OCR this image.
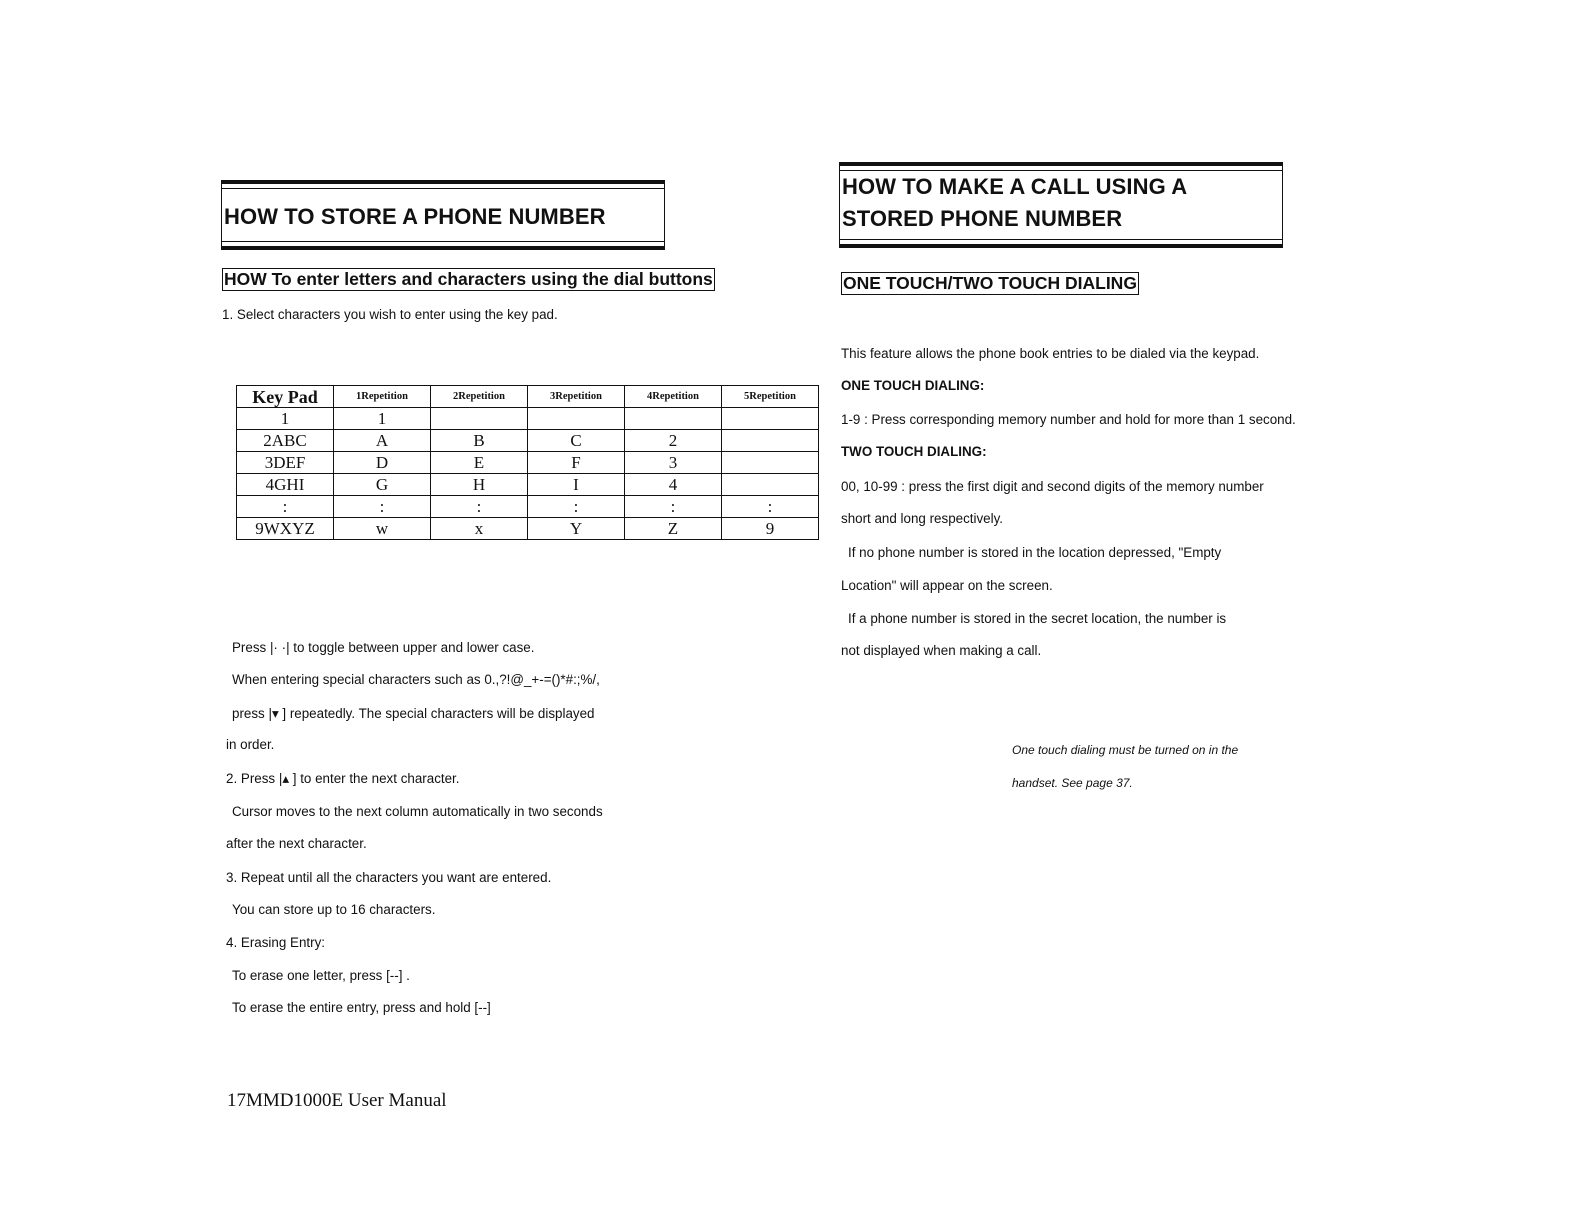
HOW TO STORE A PHONE NUMBER
HOW To enter letters and characters using the dial buttons
1. Select characters you wish to enter using the key pad.
Key Pad	1Repetition	2Repetition	3Repetition	4Repetition	5Repetition
1	1				
2ABC	A	B	C	2	
3DEF	D	E	F	3	
4GHI	G	H	I	4	
:	:	:	:	:	:
9WXYZ	w	x	Y	Z	9
Press |· ·| to toggle between upper and lower case.
When entering special characters such as 0.,?!@_+-=()*#:;%/,
press |▾ ] repeatedly. The special characters will be displayed
in order.
2. Press |▴ ] to enter the next character.
Cursor moves to the next column automatically in two seconds
after the next character.
3. Repeat until all the characters you want are entered.
You can store up to 16 characters.
4. Erasing Entry:
To erase one letter, press [--] .
To erase the entire entry, press and hold [--]
17MMD1000E User Manual
HOW TO MAKE A CALL USING A
STORED PHONE NUMBER
ONE TOUCH/TWO TOUCH DIALING
This feature allows the phone book entries to be dialed via the keypad.
ONE TOUCH DIALING:
1-9 : Press corresponding memory number and hold for more than 1 second.
TWO TOUCH DIALING:
00, 10-99 : press the first digit and second digits of the memory number
short and long respectively.
If no phone number is stored in the location depressed, "Empty
Location" will appear on the screen.
If a phone number is stored in the secret location, the number is
not displayed when making a call.
One touch dialing must be turned on in the
handset. See page 37.
